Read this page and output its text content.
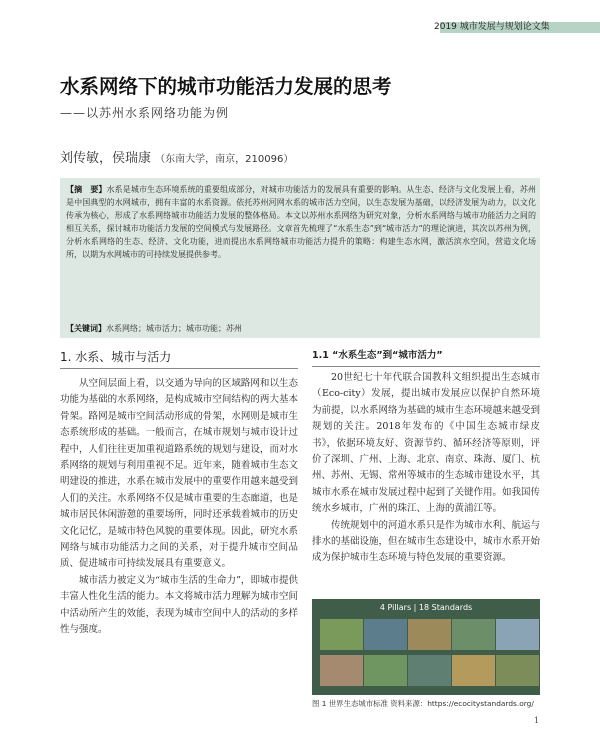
2019 城市发展与规划论文集
水系网络下的城市功能活力发展的思考
——以苏州水系网络功能为例
刘传敏，侯瑞康 （东南大学，南京，210096）
【摘　要】水系是城市生态环境系统的重要组成部分，对城市功能活力的发展具有重要的影响。从生态、经济与文化发展上看，苏州是中国典型的水网城市，拥有丰富的水系资源。依托苏州河网水系的城市活力空间，以生态发展为基础，以经济发展为动力，以文化传承为核心，形成了水系网络城市功能活力发展的整体格局。本文以苏州水系网络为研究对象，分析水系网络与城市功能活力之间的相互关系，探讨城市功能活力发展的空间模式与发展路径。文章首先梳理了“水系生态”到“城市活力”的理论演进，其次以苏州为例，分析水系网络的生态、经济、文化功能，进而提出水系网络城市功能活力提升的策略：构建生态水网，激活滨水空间，营造文化场所，以期为水网城市的可持续发展提供参考。
【关键词】水系网络；城市活力；城市功能；苏州
1. 水系、城市与活力

从空间层面上看，以交通为导向的区域路网和以生态功能为基础的水系网络，是构成城市空间结构的两大基本骨架。路网是城市空间活动形成的骨架，水网则是城市生态系统形成的基础。一般而言，在城市规划与城市设计过程中，人们往往更加重视道路系统的规划与建设，而对水系网络的规划与利用重视不足。近年来，随着城市生态文明建设的推进，水系在城市发展中的重要作用越来越受到人们的关注。水系网络不仅是城市重要的生态廊道，也是城市居民休闲游憩的重要场所，同时还承载着城市的历史文化记忆，是城市特色风貌的重要体现。因此，研究水系网络与城市功能活力之间的关系，对于提升城市空间品质、促进城市可持续发展具有重要意义。

城市活力被定义为“城市生活的生命力”，即城市提供丰富人性化生活的能力。本文将城市活力理解为城市空间中活动所产生的效能，表现为城市空间中人的活动的多样性与强度。

1.1 “水系生态”到“城市活力”

20世纪七十年代联合国教科文组织提出生态城市（Eco-city）发展，提出城市发展应以保护自然环境为前提，以水系网络为基础的城市生态环境越来越受到规划的关注。2018年发布的《中国生态城市绿皮书》，依据环境友好、资源节约、循环经济等原则，评价了深圳、广州、上海、北京、南京、珠海、厦门、杭州、苏州、无锡、常州等城市的生态城市建设水平，其城市水系在城市发展过程中起到了关键作用。如我国传统水乡城市，广州的珠江、上海的黄浦江等。

传统规划中的河道水系只是作为城市水利、航运与排水的基础设施，但在城市生态建设中，城市水系开始成为保护城市生态环境与特色发展的重要资源。

4 Pillars | 18 Standards
图 1 世界生态城市标准 资料来源：https://ecocitystandards.org/
1
